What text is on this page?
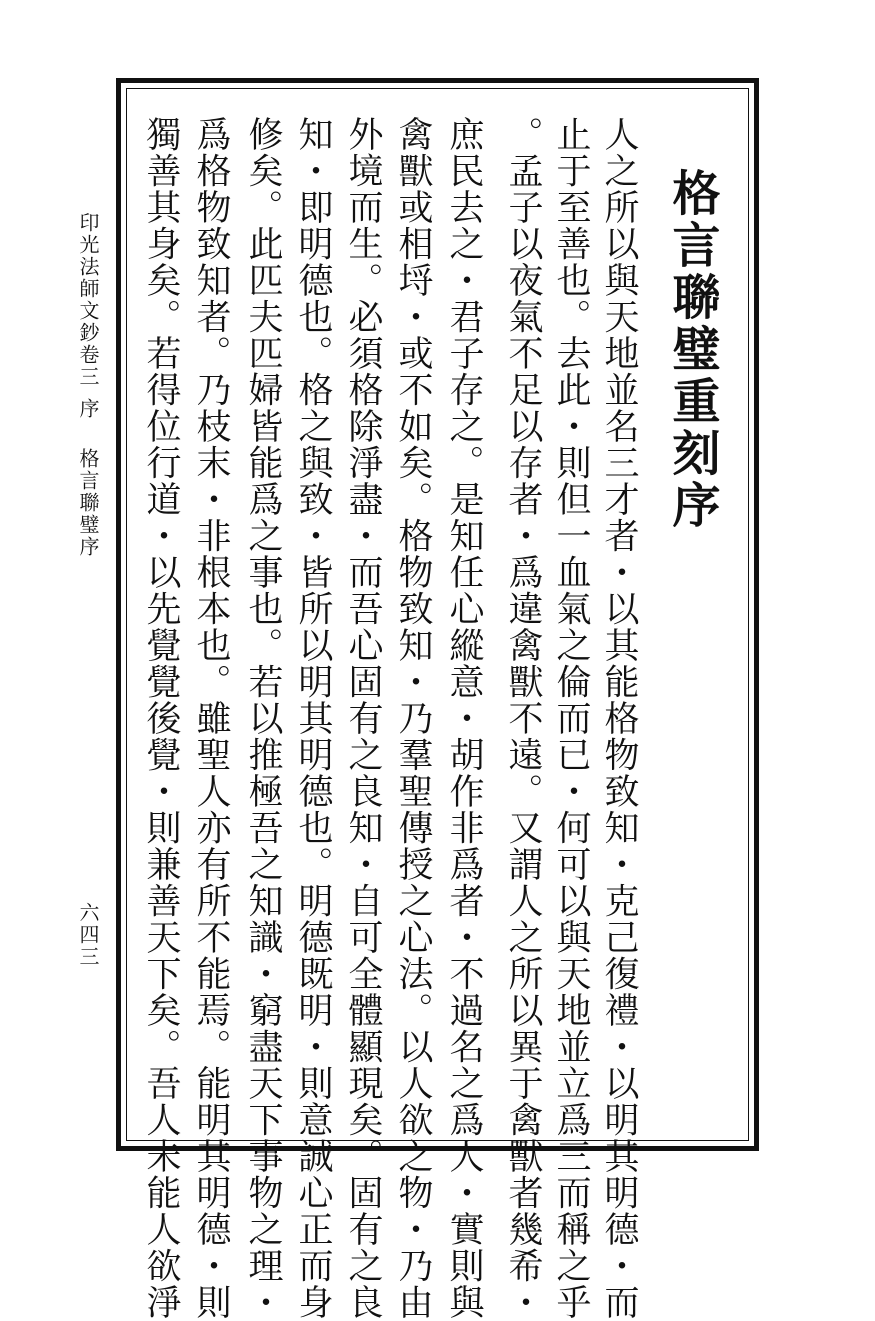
格言聯璧重刻序
人之所以與天地並名三才者・以其能格物致知・克己復禮・以明其明德・而
止于至善也。去此・則但一血氣之倫而已・何可以與天地並立爲三而稱之乎
。孟子以夜氣不足以存者・爲違禽獸不遠。又謂人之所以異于禽獸者幾希・
庶民去之・君子存之。是知任心縱意・胡作非爲者・不過名之爲人・實則與
禽獸或相埒・或不如矣。格物致知・乃羣聖傳授之心法。以人欲之物・乃由
外境而生。必須格除淨盡・而吾心固有之良知・自可全體顯現矣。固有之良
知・即明德也。格之與致・皆所以明其明德也。明德既明・則意誠心正而身
修矣。此匹夫匹婦皆能爲之事也。若以推極吾之知識・窮盡天下事物之理・
爲格物致知者。乃枝末・非根本也。雖聖人亦有所不能焉。能明其明德・則
獨善其身矣。若得位行道・以先覺覺後覺・則兼善天下矣。吾人未能人欲淨
印光法師文鈔卷三
序
格言聯璧序
六四三
